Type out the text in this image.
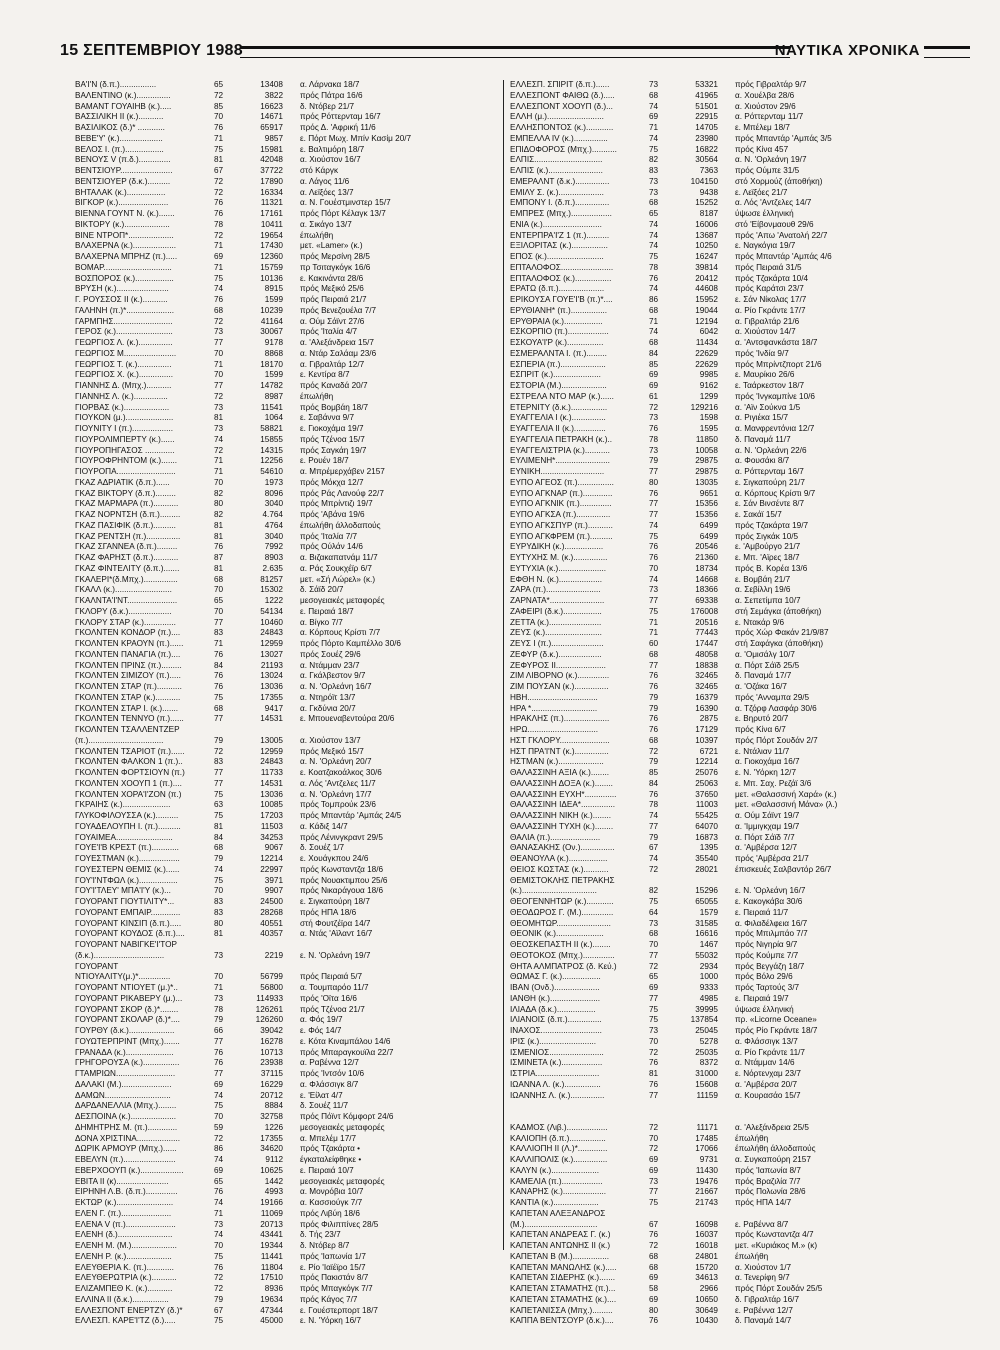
15 ΣΕΠΤΕΜΒΡΙΟΥ 1988	ΝΑΥΤΙΚΑ ΧΡΟΝΙΚΑ
ΒΑ'Ι'Ν (δ.π.)................	65	13408 α. Λάρνακα 18/7
ΒΑΛΕΝΤΙΝΟ (κ.)...............	72	3822 πρός Πάτρα 16/6
ΒΑΜΑΝΤ ΓΟΥΑΙΗΒ (κ.).....	85	16623 δ. Ντόβερ 21/7
ΒΑΣΣΙΛΙΚΗ ΙΙ (κ.)...........	70	14671 πρός Ρόττερνταμ 16/7
ΒΑΣΙΛΙΚΟΣ (δ.)* ............	76	65917 πρός Δ. 'Αφρική 11/6
ΒΕΒΕ'Υ' (κ.)...................	71	9857 ε. Πόρτ Μωχ. Μπίν Κασίμ 20/7
ΒΕΛΟΣ Ι. (π.).................	75	15981 ε. Βαλτιμόρη 18/7
ΒΕΝΟΥΣ V (π.δ.)..............	81	42048 α. Χιούστον 16/7
ΒΕΝΤΣΙΟΥΡ.......................	67	37722 στό Κάργκ
ΒΕΝΤΣΙΟΥΕΡ (δ.κ.)..........	72	17890 α. Λάγος 11/6
ΒΗΤΑΛΑΚ (κ.).................	72	16334 α. Λεϊξόες 13/7
ΒΙΓΚΟΡ (κ.)......................	76	11321 α. Ν. Γουέστμινστερ 15/7
ΒΙΕΝΝΑ ΓΟΥΝΤ Ν. (κ.).......	76	17161 πρός Πόρτ Κέλαγκ 13/7
ΒΙΚΤΟΡΥ (κ.)....................	78	10411 α. Σικάγο 13/7
ΒΙΝΕ ΝΤΡΟΠ*....................	72	19654 έπωλήθη
ΒΛΑΧΕΡΝΑ (κ.)...................	71	17430 μετ. «Lamer» (κ.)
ΒΛΑΧΕΡΝΑ ΜΠΡΗΖ (π.).....	69	12360 πρός Μερσίνη 28/5
ΒΟΜΑΡ..............................	71	15759 πρ Τσιταγκόγκ 16/6
ΒΟΣΠΟΡΟΣ (κ.).................	75	10136 ε. Κακινάντα 28/6
ΒΡΥΣΗ (κ.).......................	74	8915 πρός Μεξικό 25/6
Γ. ΡΟΥΣΣΟΣ ΙΙ (κ.)...........	76	1599 πρός Πειραιά 21/7
ΓΑΛΗΝΗ (π.)*.....................	68	10239 πρός Βενεζουέλα 7/7
ΓΑΡΜΠΗΣ..........................	72	41164 α. Ούμ Σάϊντ 27/6
ΓΕΡΟΣ (κ.).........................	73	30067 πρός 'Ιταλία 4/7
ΓΕΩΡΓΙΟΣ Λ. (κ.)...............	77	9178 α. 'Αλεξάνδρεια 15/7
ΓΕΩΡΓΙΟΣ Μ.......................	70	8868 α. Ντάρ Σαλάαμ 23/6
ΓΕΩΡΓΙΟΣ Τ. (κ.)...............	71	18170 α. Γιβραλτάρ 12/7
ΓΕΩΡΓΙΟΣ Χ. (κ.)...............	70	1599 ε. Κεντίρα 8/7
ΓΙΑΝΝΗΣ Δ. (Μπχ.)...........	77	14782 πρός Καναδά 20/7
ΓΙΑΝΝΗΣ Λ. (κ.)...............	72	8987 έπωλήθη
ΓΙΟΡΒΑΣ (κ.)....................	73	11541 πρός Βομβάη 18/7
ΓΙΟΥΚΟΝ (μ.).....................	81	1064 ε. Σαβάννα 9/7
ΓΙΟΥΝΙΤΥ Ι (π.)..................	73	58821 ε. Γιοκοχάμα 19/7
ΓΙΟΥΡΟΛΙΜΠΕΡΤΥ (κ.)......	74	15855 πρός Τζένοα 15/7
ΓΙΟΥΡΟΠΗΓΑΣΟΣ .............	72	14315 πρός Σαγκάη 19/7
ΓΙΟΥΡΟΦΡΗΝΤΟΜ (κ.).......	71	12256 ε. Ρουέν 18/7
ΓΙΟΥΡΟΠΑ..........................	71	54610 α. Μπρέμερχάβεν 2157
ΓΚΑΖ ΑΔΡΙΑΤΙΚ (δ.π.)......	70	1973 πρός Μόκχα 12/7
ΓΚΑΖ ΒΙΚΤΟΡΥ (δ.π.).........	82	8096 πρός Ράς Λανούφ 22/7
ΓΚΑΖ ΜΑΡΜΑΡΑ (π.)...........	80	3040 πρός Μπρίντιζι 19/7
ΓΚΑΖ ΝΟΡΝΤΣΗ (δ.π.).........	82	4.764 πρός 'Αβάνα 19/6
ΓΚΑΖ ΠΑΣΙΦΙΚ (δ.π.)..........	81	4764 έπωλήθη άλλοδαπούς
ΓΚΑΖ ΡΕΝΤΣΗ (π.)...............	81	3040 πρός 'Ιταλία 7/7
ΓΚΑΖ ΣΓΑΝΝΕΑ (δ.π.).........	76	7992 πρός Ούλάν 14/6
ΓΚΑΖ ΦΑΡΗΣΤ (δ.π.)...........	87	8903 α. Βιζακαπατνάμ 11/7
ΓΚΑΖ ΦΙΝΤΕΛΙΤΥ (δ.π.).......	81	2.635 α. Ράς Σουκχέϊρ 6/7
ΓΚΑΛΕΡΙ*(δ.Μπχ.)...............	68	81257 μετ. «Σή Λώρελ» (κ.)
ΓΚΑΛΛ (κ.).........................	70	15302 δ. Σάϊδ 20/7
ΓΚΑΛΝΤΑ'Ι'ΝΤ......................	65	1222 μεσογειακές μεταφορές
ΓΚΛΟΡΥ (δ.κ.)...................	70	54134 ε. Πειραιά 18/7
ΓΚΛΟΡΥ ΣΤΑΡ (κ.)..............	77	10460 α. Βίγκο 7/7
ΓΚΟΛΝΤΕΝ ΚΟΝΔΟΡ (π.)....	83	24843 α. Κόρπους Κρίστι 7/7
ΓΚΟΛΝΤΕΝ ΚΡΑΟΥΝ (π.)......	71	12959 πρός Πόρτο Καμπέλλο 30/6
ΓΚΟΛΝΤΕΝ ΠΑΝΑΓΙΑ (π.)....	76	13027 πρός Σουέζ 29/6
ΓΚΟΛΝΤΕΝ ΠΡΙΝΣ (π.).........	84	21193 α. Ντάμμαν 23/7
ΓΚΟΛΝΤΕΝ ΣΙΜΙΖΟΥ (π.).....	76	13024 α. Γκάλβεστον 9/7
ΓΚΟΛΝΤΕΝ ΣΤΑΡ (π.)...........	76	13036 α. Ν. 'Ορλεάνη 16/7
ΓΚΟΛΝΤΕΝ ΣΤΑΡ (κ.)...........	75	17355 α. Ντηρόϊτ 13/7
ΓΚΟΛΝΤΕΝ ΣΤΑΡ Ι. (κ.).......	68	9417 α. Γκδύνια 20/7
ΓΚΟΛΝΤΕΝ ΤΕΝΝΥΟ (π.)......	77	14531 ε. Μπουεναβεντούρα 20/6
ΓΚΟΛΝΤΕΝ ΤΣΑΛΛΕΝΤΖΕΡ
(π.).................................	79	13005 α. Χιούστον 13/7
ΓΚΟΛΝΤΕΝ ΤΣΑΡΙΟΤ (π.)......	72	12959 πρός Μεξικό 15/7
ΓΚΟΛΝΤΕΝ ΦΑΛΚΟΝ 1 (π.)..	83	24843 α. Ν. 'Ορλεάνη 20/7
ΓΚΟΛΝΤΕΝ ΦΟΡΤΣΙΟΥΝ (π.)	77	11733 ε. Κοατζακοάλκος 30/6
ΓΚΟΛΝΤΕΝ ΧΟΟΥΠ 1 (π.)....	77	14531 α. Λός 'Αντζελες 11/7
ΓΚΟΛΝΤΕΝ ΧΟΡΑ'Ι'ΖΟΝ (π.)	75	13036 α. Ν. 'Ορλεάνη 17/7
ΓΚΡΑΙΗΣ (κ.).....................	63	10085 πρός Τομπρούκ 23/6
ΓΛΥΚΟΦΙΛΟΥΣΣΑ (κ.)..........	75	17203 πρός Μπαντάρ 'Αμπάς 24/5
ΓΟΥΑΔΕΛΟΥΠΗ Ι. (π.)..........	81	11503 α. Κάδιξ 14/7
ΓΟΥΑΙΜΕΑ.........................	84	34253 πρός Λένινγκραντ 29/5
ΓΟΥΕ'Ι'Β ΚΡΕΣΤ (π.)............	68	9067 δ. Σουέζ 1/7
ΓΟΥΕΣΤΜΑΝ (κ.)..................	79	12214 ε. Χουάγκπου 24/6
ΓΟΥΕΣΤΕΡΝ ΘΕΜΙΣ (κ.)......	74	22997 πρός Κωνσταντζα 18/6
ΓΟΥ'Ι'ΝΤΦΩΛ (κ.).................	75	3971 πρός Νουακτιμπου 25/6
ΓΟΥ'Ι'ΤΛΕΥ' ΜΠΑ'Ι'Υ (κ.)...	70	9907 πρός Νικαράγουα 18/6
ΓΟΥΟΡΑΝΤ ΓΙΟΥΤΙΛΙΤΥ*...	83	24500 ε. Σιγκαπούρη 18/7
ΓΟΥΟΡΑΝΤ ΕΜΠΑΙΡ.............	83	28268 πρός ΗΠΑ 18/6
ΓΟΥΟΡΑΝΤ ΚΙΝΣΙΠ (δ.π.).....	80	40551 στή Φουτζέϊρα 14/7
ΓΟΥΟΡΑΝΤ ΚΟΥΔΟΣ (δ.π.)....	81	40357 α. Ντάς 'Αϊλαντ 16/7
ΓΟΥΟΡΑΝΤ ΝΑΒΙΓΚΕ'Ι'ΤΟΡ
(δ.κ.)...............................	73	2219 ε. Ν. 'Ορλεάνη 19/7
ΓΟΥΟΡΑΝΤ
ΝΤΙΟΥΑΛΙΤΥ(μ.)*..............	70	56799 πρός Πειραιά 5/7
ΓΟΥΟΡΑΝΤ ΝΤΙΟΥΕΤ (μ.)*..	71	56800 α. Τουμπαρόο 11/7
ΓΟΥΟΡΑΝΤ ΡΙΚΑΒΕΡΥ (μ.)...	73	114933 πρός 'Οϊτα 16/6
ΓΟΥΟΡΑΝΤ ΣΚΟΡ (δ.)*........	78	126261 πρός Τζένοα 21/7
ΓΟΥΟΡΑΝΤ ΣΚΟΛΑΡ (δ.)*....	79	126260 α. Φός 19/7
ΓΟΥΡΘΥ (δ.κ.)....................	66	39042 ε. Φός 14/7
ΓΟΥΩΤΕΡΠΡΙΝΤ (Μπχ.).......	77	16278 ε. Κότα Κιναμπάλου 14/6
ΓΡΑΝΑΔΑ (κ.).....................	76	10713 πρός Μπαραγκουϊλα 22/7
ΓΡΗΓΟΡΟΥΣΑ (κ.)................	76	23938 α. Ραβέννα 12/7
ΓΤΑΜΡΙΩΝ..........................	77	37115 πρός 'Ιντσόν 10/6
ΔΑΛΑΚΙ (Μ.)......................	69	16229 α. Φλάσσιγκ 8/7
ΔΑΜΩΝ.............................	74	20712 ε. 'Είλατ 4/7
ΔΑΡΔΑΝΕΛΛΙΑ (Μπχ.)........	75	8884 δ. Σουέζ 11/7
ΔΕΣΠΟΙΝΑ (κ.)....................	70	32758 πρός Πόϊντ Κόμφορτ 24/6
ΔΗΜΗΤΡΗΣ Μ. (π.).............	59	1226 μεσογειακές μεταφορές
ΔΟΝΑ ΧΡΙΣΤΙΝΑ...................	72	17355 α. Μπελέμ 17/7
ΔΩΡΙΚ ΑΡΜΟΥΡ (Μπχ.)......	86	34620 πρός Τζακάρτα •
ΕΒΕΛΥΝ (π.).......................	74	9112 έγκαταλείφθηκε •
ΕΒΕΡΧΟΟΥΠ (κ.)...................	69	10625 ε. Πειραιά 10/7
ΕΒΙΤΑ ΙΙ (κ).......................	65	1442 μεσογειακές μεταφορές
ΕΙΡΗΝΗ Λ.Β. (δ.π.)..............	76	4993 α. Μονρόβια 10/7
ΕΚΤΩΡ (κ.).........................	74	19166 α. Κασσιούγκ 7/7
ΕΛΕΝ Γ. (π.)......................	71	11069 πρός Λιβύη 18/6
ΕΛΕΝΑ V (π.)......................	73	20713 πρός Φιλιππίνες 28/5
ΕΛΕΝΗ (δ.)........................	74	43441 δ. Τής 23/7
ΕΛΕΝΗ Μ. (Μ.)....................	70	19344 δ. Ντόβερ 8/7
ΕΛΕΝΗ Ρ. (κ.)....................	75	11441 πρός 'Ιαπωνία 1/7
ΕΛΕΥΘΕΡΙΑ Κ. (π.)............	76	11804 ε. Ρίο 'Ιαϊέϊρο 15/7
ΕΛΕΥΘΕΡΩΤΡΙΑ (κ.)...........	72	17510 πρός Πακιστάν 8/7
ΕΛΙΖΑΜΠΕΘ Κ. (κ.)...........	72	8936 πρός Μπαγκόγκ 7/7
ΕΛΛΙΝΑ ΙΙ (δ.κ.)................	79	19634 πρός Κάγος 7/7
ΕΛΛΕΣΠΟΝΤ ΕΝΕΡΤΖΥ (δ.)*	67	47344 ε. Γουέστερπορτ 18/7
ΕΛΛΕΣΠ. ΚΑΡΕ'Ι'ΤΖ (δ.).....	75	45000 ε. Ν. 'Υόρκη 16/7
ΕΛΛΕΣΠ. ΣΠΙΡΙΤ (δ.π.)......	73	53321 πρός Γιβραλτάρ 9/7
ΕΛΛΕΣΠΟΝΤ ΦΑΙΘΩ (δ.).....	68	41965 α. Χουέλβα 28/6
ΕΛΛΕΣΠΟΝΤ ΧΟΟΥΠ (δ.)...	74	51501 α. Χιούστον 29/6
ΕΛΛΗ (μ.).........................	69	22915 α. Ρόττερνταμ 11/7
ΕΛΛΗΣΠΟΝΤΟΣ (κ.)............	71	14705 ε. Μπέλεμ 18/7
ΕΜΠΕΛΛΑ ΙV (κ.)...............	74	23980 πρός Μπαντάρ 'Αμπάς 3/5
ΕΠΙΔΟΦΟΡΟΣ (Μπχ.)...........	75	16822 πρός Κίνα 457
ΕΛΠΙΣ..............................	82	30564 α. Ν. 'Ορλεάνη 19/7
ΕΛΠΙΣ (κ.)........................	83	7363 πρός Ούμπε 31/5
ΕΜΕΡΑΛΝΤ (δ.κ.)...............	73	104150 στό Χορμούζ (άποθήκη)
ΕΜΙΛΥ Σ. (κ.)....................	73	9438 ε. Λεϊξόες 21/7
ΕΜΠΟΝΥ Ι. (δ.π.)...............	68	15252 α. Λός 'Αντζελες 14/7
ΕΜΠΡΕΣ (Μπχ.)..................	65	8187 ύψωσε έλληνική
ΕΝΙΑ (κ.)..........................	74	16006 στό 'Είβονμαουθ 29/6
ΕΝΤΕΡΠΡΑ'Ι'Ζ 1 (π.)..........	74	13687 πρός 'Απω 'Ανατολή 22/7
ΕΞΙΛΟΡΙΤΑΣ (κ.)................	74	10250 ε. Ναγκόγια 19/7
ΕΠΟΣ (κ.).........................	75	16247 πρός Μπαντάρ 'Αμπάς 4/6
ΕΠΤΑΛΟΦΟΣ.......................	78	39814 πρός Πειραιά 31/5
ΕΠΤΑΛΟΦΟΣ (κ.)................	76	20412 πρός Τζακάρτα 10/4
ΕΡΑΤΩ (δ.π.)....................	74	44608 πρός Καράτσι 23/7
ΕΡΙΚΟΥΣΑ ΓΟΥΕ'Ι'Β (π.)*....	86	15952 ε. Σάν Νίκολας 17/7
ΕΡΥΘΙΑΝΗ* (π.)................	68	19044 α. Ρίο Γκράντε 17/7
ΕΡΥΘΡΑΙΑ (κ.).................	71	12194 α. Γιβραλτάρ 21/6
ΕΣΚΟΡΠΙΟ (π.)..................	74	6042 α. Χιούστον 14/7
ΕΣΚΟΥΑ'Ι'Ρ (κ.)................	68	11434 α. 'Αντσφανκάστα 18/7
ΕΣΜΕΡΑΛΝΤΑ Ι. (π.).........	84	22629 πρός 'Ινδία 9/7
ΕΣΠΕΡΙΑ (π.)....................	85	22629 πρός Μπρίντζπορτ 21/6
ΕΣΠΡΙΤ (κ.).....................	69	9985 ε. Μαυρίκιο 26/6
ΕΣΤΟΡΙΑ (Μ.)....................	69	9162 ε. Ταάρκεστον 18/7
ΕΣΤΡΕΛΑ ΝΤΟ ΜΑΡ (κ.)......	61	1299 πρός 'Ινγκαμπίνε 10/6
ΕΤΕΡΝΙΤΥ (δ.κ.)................	72	129216 α. 'Αϊν Σούκνα 1/5
ΕΥΑΓΓΕΛΙΑ Ι (κ.)...............	73	1598 α. Ριγιέκα 15/7
ΕΥΑΓΓΕΛΙΑ ΙΙ (κ.)..............	76	1595 α. Μανφρεντόνια 12/7
ΕΥΑΓΓΕΛΙΑ ΠΕΤΡΑΚΗ (κ.)..	78	11850 δ. Παναμά 11/7
ΕΥΑΓΓΕΛΙΣΤΡΙΑ (κ.)...........	73	10058 α. Ν. 'Ορλεάνη 22/6
ΕΥΛΙΜΕΝΗ*........................	79	29875 α. Φουσάκι 8/7
ΕΥΝΙΚΗ............................	77	29875 α. Ρόττερνταμ 16/7
ΕΥΠΟ ΑΓΕΟΣ (π.)................	80	13035 ε. Σιγκαπούρη 21/7
ΕΥΠΟ ΑΓΚΝΑΡ (π.).............	76	9651 α. Κόρπους Κρίστι 9/7
ΕΥΠΟ ΑΓΚΝΙΚ (π.)..............	77	15356 ε. Σάν Βινσέντε 8/7
ΕΥΠΟ ΑΓΚΣΑ (π.)...............	77	15356 ε. Σακάϊ 15/7
ΕΥΠΟ ΑΓΚΣΠΥΡ (π.)...........	74	6499 πρός Τζακάρτα 19/7
ΕΥΠΟ ΑΓΚΦΡΕΜ (π.)..........	75	6499 πρός Σιγκάκ 10/5
ΕΥΡΥΔΙΚΗ (κ.).................	76	20546 ε. 'Αμβούργο 21/7
ΕΥΤΥΧΗΣ Μ. (κ.)...............	76	21360 ε. Μπ. 'Αϊρες 18/7
ΕΥΤΥΧΙΑ (κ.).....................	70	18734 πρός Β. Κορέα 13/6
ΕΦΘΗ Ν. (κ.)...................	74	14668 ε. Βομβάη 21/7
ΖΑΡΑ (π.)........................	73	18366 α. Σεβίλλη 19/6
ΖΑΡΝΑΤΑ*........................	77	69338 α. Σεπετίμπα 10/7
ΖΑΦΕΙΡΙ (δ.κ.).................	75	176008 στή Σεμάγκα (άποθήκη)
ΖΕΤΤΑ (κ.).......................	71	20516 ε. Ντακάρ 9/6
ΖΕΥΣ (κ.).........................	71	77443 πρός Χώρ Φακάν 21/9/87
ΖΕΥΣ Ι (π.).......................	60	17447 στή Σαφάγκα (άποθήκη)
ΖΕΦΥΡ (δ.κ.)...................	68	48058 α. 'Ομισάλγ 10/7
ΖΕΦΥΡΟΣ ΙΙ......................	77	18838 α. Πόρτ Σάϊδ 25/5
ΖΙΜ ΛΙΒΟΡΝΟ (κ.)..............	76	32465 δ. Παναμά 17/7
ΖΙΜ ΠΟΥΣΑΝ (κ.)...............	76	32465 α. 'Οζάκα 16/7
ΗΒΗ...............................	79	16379 πρός 'Ανναμπα 29/5
ΗΡΑ *.............................	79	16390 α. Τζόρφ Λασφάρ 30/6
ΗΡΑΚΛΗΣ (π.)....................	76	2875 ε. Βηρυτό 20/7
ΗΡΩ...............................	76	17129 πρός Κίνα 6/7
ΗΣΤ ΓΚΛΟΡΥ......................	68	10397 πρός Πόρτ Σουδάν 2/7
ΗΣΤ ΠΡΑ'Ι'ΝΤ (κ.)...............	72	6721 ε. Ντάλιαν 11/7
ΗΣΤΜΑΝ (κ.)....................	79	12214 α. Γιοκοχάμα 16/7
ΘΑΛΑΣΣΙΝΗ ΑΞΙΑ (κ.)........	85	25076 ε. Ν. 'Υόρκη 12/7
ΘΑΛΑΣΣΙΝΗ ΔΟΞΑ (κ.)........	84	25063 ε. Μπ. Σαχ. Ρεζάϊ 3/6
ΘΑΛΑΣΣΙΝΗ ΕΥΧΗ*..............	76	37650 μετ. «Θαλασσινή Χαρά» (κ.)
ΘΑΛΑΣΣΙΝΗ ΙΔΕΑ*...............	78	11003 μετ. «Θαλασσινή Μάνα» (λ.)
ΘΑΛΑΣΣΙΝΗ ΝΙΚΗ (κ.)........	74	55425 α. Ούμ Σάϊντ 19/7
ΘΑΛΑΣΣΙΝΗ ΤΥΧΗ (κ.)........	77	64070 α. 'Ιμμιγκχαμ 19/7
ΘΑΛΙΑ (π.)......................	79	16873 α. Πόρτ Σάϊδ 7/7
ΘΑΝΑΣΑΚΗΣ (Ον.)...............	67	1395 α. 'Αμβέρσα 12/7
ΘΕΑΝΟΥΛΑ (κ.).................	74	35540 πρός 'Αμβέρσα 21/7
ΘΕΙΟΣ ΚΩΣΤΑΣ (κ.)...........	72	28021 έπισκευές Σαλβαντόρ 26/7
ΘΕΜΙΣΤΟΚΛΗΣ ΠΕΤΡΑΚΗΣ
(κ.).................................	82	15296 ε. Ν. 'Ορλεάνη 16/7
ΘΕΟΓΕΝΝΗΤΩΡ (κ.)............	75	65055 ε. Κακογκάβα 30/6
ΘΕΟΔΩΡΟΣ Γ. (Μ.)..............	64	1579 ε. Πειραιά 11/7
ΘΕΟΜΗΤΩΡ........................	73	31585 α. Φιλαδέλφεια 16/7
ΘΕΟΝΙΚ (κ.).....................	68	16616 πρός Μπιλμπάο 7/7
ΘΕΟΣΚΕΠΑΣΤΗ ΙΙ (κ.)........	70	1467 πρός Νιγηρία 9/7
ΘΕΟΤΟΚΟΣ (Μπχ.)..............	77	55032 πρός Κούμπε 7/7
ΘΗΤΑ ΑΛΜΠΑΤΡΟΣ (δ. Κεύ.)	72	2934 πρός Βεγγάζη 18/7
ΘΩΜΑΣ Γ. (κ.).................	65	1000 πρός Βόλο 29/6
ΙΒΑΝ (Ονδ.)....................	69	9333 πρός Ταρτούς 3/7
ΙΑΝΘΗ (κ.)......................	77	4985 ε. Πειραιά 19/7
ΙΛΙΑΔΑ (δ.κ.).................	75	39995 ύψωσε έλληνική
ΙΛΙΑΝΟΙΣ (δ.π.)...............	75	137854 πρ. «Licorne Oceane»
ΙΝΑΧΟΣ...........................	73	25045 πρός Ρίο Γκράντε 18/7
ΙΡΙΣ (κ.).........................	70	5278 α. Φλάσσιγκ 13/7
ΙΣΜΕΝΙΟΣ........................	72	25035 α. Ρίο Γκράντε 11/7
ΙΣΜΙΝΕΤΑ (κ.)..................	76	8372 α. Ντάμμαν 14/6
ΙΣΤΡΙΑ............................	81	31000 ε. Νόρτενχαμ 23/7
ΙΩΑΝΝΑ Λ. (κ.)................	76	15608 α. 'Αμβέρσα 20/7
ΙΩΑΝΝΗΣ Λ. (κ.)...............	77	11159 α. Κουρασάο 15/7
ΚΑΔΜΟΣ (Λιβ.)..................	72	11171 α. 'Αλεξάνδρεια 25/5
ΚΑΛΙΟΠΗ (δ.π.)................	70	17485 έπωλήθη
ΚΑΛΛΙΟΠΗ ΙΙ (Λ.)*.............	72	17066 έπωλήθη άλλοδαπούς
ΚΑΛΛΙΠΟΛΙΣ (κ.)...............	69	9731 α. Συγκαπούρη 2157
ΚΑΛΥΝ (κ.).....................	69	11430 πρός 'Ιαπωνία 8/7
ΚΑΜΕΛΙΑ (π.)..................	73	19476 πρός Βραζιλία 7/7
ΚΑΝΑΡΗΣ (κ.)...................	77	21667 πρός Πολωνία 28/6
ΚΑΝΤΙΑ (κ.)....................	75	21743 πρός ΗΠΑ 14/7
ΚΑΠΕΤΑΝ ΑΛΕΞΑΝΔΡΟΣ
(Μ.)................................	67	16098 ε. Ραβέννα 8/7
ΚΑΠΕΤΑΝ ΑΝΔΡΕΑΣ Γ. (κ.)	76	16037 πρός Κωνσταντζα 4/7
ΚΑΠΕΤΑΝ ΑΝΤΩΝΗΣ ΙΙ (κ.)	72	16018 μετ. «Κυριάκος Μ.» (κ)
ΚΑΠΕΤΑΝ Β (Μ.)................	68	24801 έπωλήθη
ΚΑΠΕΤΑΝ ΜΑΝΩΛΗΣ (κ.).....	68	15720 α. Χιούστον 1/7
ΚΑΠΕΤΑΝ ΣΙΔΕΡΗΣ (κ.).......	69	34613 α. Τενερίφη 9/7
ΚΑΠΕΤΑΝ ΣΤΑΜΑΤΗΣ (π.)...	58	2966 πρός Πόρτ Σουδάν 25/5
ΚΑΠΕΤΑΝ ΣΤΑΜΑΤΗΣ (κ.)....	69	10650 δ. Γιβραλτάρ 16/7
ΚΑΠΕΤΑΝΙΣΣΑ (Μπχ.).........	80	30649 ε. Ραβέννα 12/7
ΚΑΠΠΑ ΒΕΝΤΣΟΥΡ (δ.κ.)....	76	10430 δ. Παναμά 14/7
